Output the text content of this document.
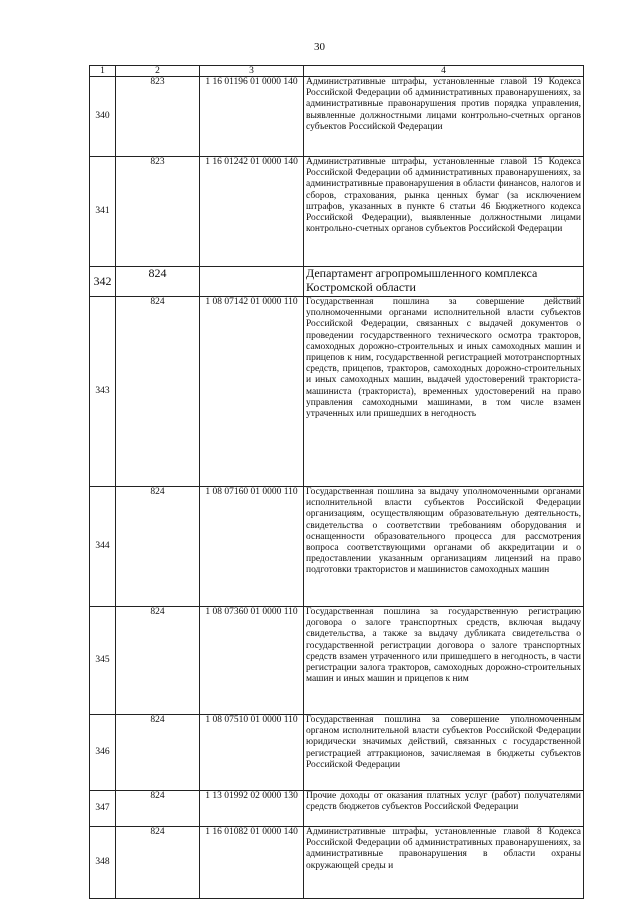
30
1	2	3	4
340	823	1 16 01196 01 0000 140	Административные штрафы, установленные главой 19 Кодекса Российской Федерации об административных правонарушениях, за административные правонарушения против порядка управления, выявленные должностными лицами контрольно-счетных органов субъектов Российской Федерации
341	823	1 16 01242 01 0000 140	Административные штрафы, установленные главой 15 Кодекса Российской Федерации об административных правонарушениях, за административные правонарушения в области финансов, налогов и сборов, страхования, рынка ценных бумаг (за исключением штрафов, указанных в пункте 6 статьи 46 Бюджетного кодекса Российской Федерации), выявленные должностными лицами контрольно-счетных органов субъектов Российской Федерации
342	824		Департамент агропромышленного комплекса Костромской области
343	824	1 08 07142 01 0000 110	Государственная пошлина за совершение действий уполномоченными органами исполнительной власти субъектов Российской Федерации, связанных с выдачей документов о проведении государственного технического осмотра тракторов, самоходных дорожно-строительных и иных самоходных машин и прицепов к ним, государственной регистрацией мототранспортных средств, прицепов, тракторов, самоходных дорожно-строительных и иных самоходных машин, выдачей удостоверений тракториста-машиниста (тракториста), временных удостоверений на право управления самоходными машинами, в том числе взамен утраченных или пришедших в негодность
344	824	1 08 07160 01 0000 110	Государственная пошлина за выдачу уполномоченными органами исполнительной власти субъектов Российской Федерации организациям, осуществляющим образовательную деятельность, свидетельства о соответствии требованиям оборудования и оснащенности образовательного процесса для рассмотрения вопроса соответствующими органами об аккредитации и о предоставлении указанным организациям лицензий на право подготовки трактористов и машинистов самоходных машин
345	824	1 08 07360 01 0000 110	Государственная пошлина за государственную регистрацию договора о залоге транспортных средств, включая выдачу свидетельства, а также за выдачу дубликата свидетельства о государственной регистрации договора о залоге транспортных средств взамен утраченного или пришедшего в негодность, в части регистрации залога тракторов, самоходных дорожно-строительных машин и иных машин и прицепов к ним
346	824	1 08 07510 01 0000 110	Государственная пошлина за совершение уполномоченным органом исполнительной власти субъектов Российской Федерации юридически значимых действий, связанных с государственной регистрацией аттракционов, зачисляемая в бюджеты субъектов Российской Федерации
347	824	1 13 01992 02 0000 130	Прочие доходы от оказания платных услуг (работ) получателями средств бюджетов субъектов Российской Федерации
348	824	1 16 01082 01 0000 140	Административные штрафы, установленные главой 8 Кодекса Российской Федерации об административных правонарушениях, за административные правонарушения в области охраны окружающей среды и
